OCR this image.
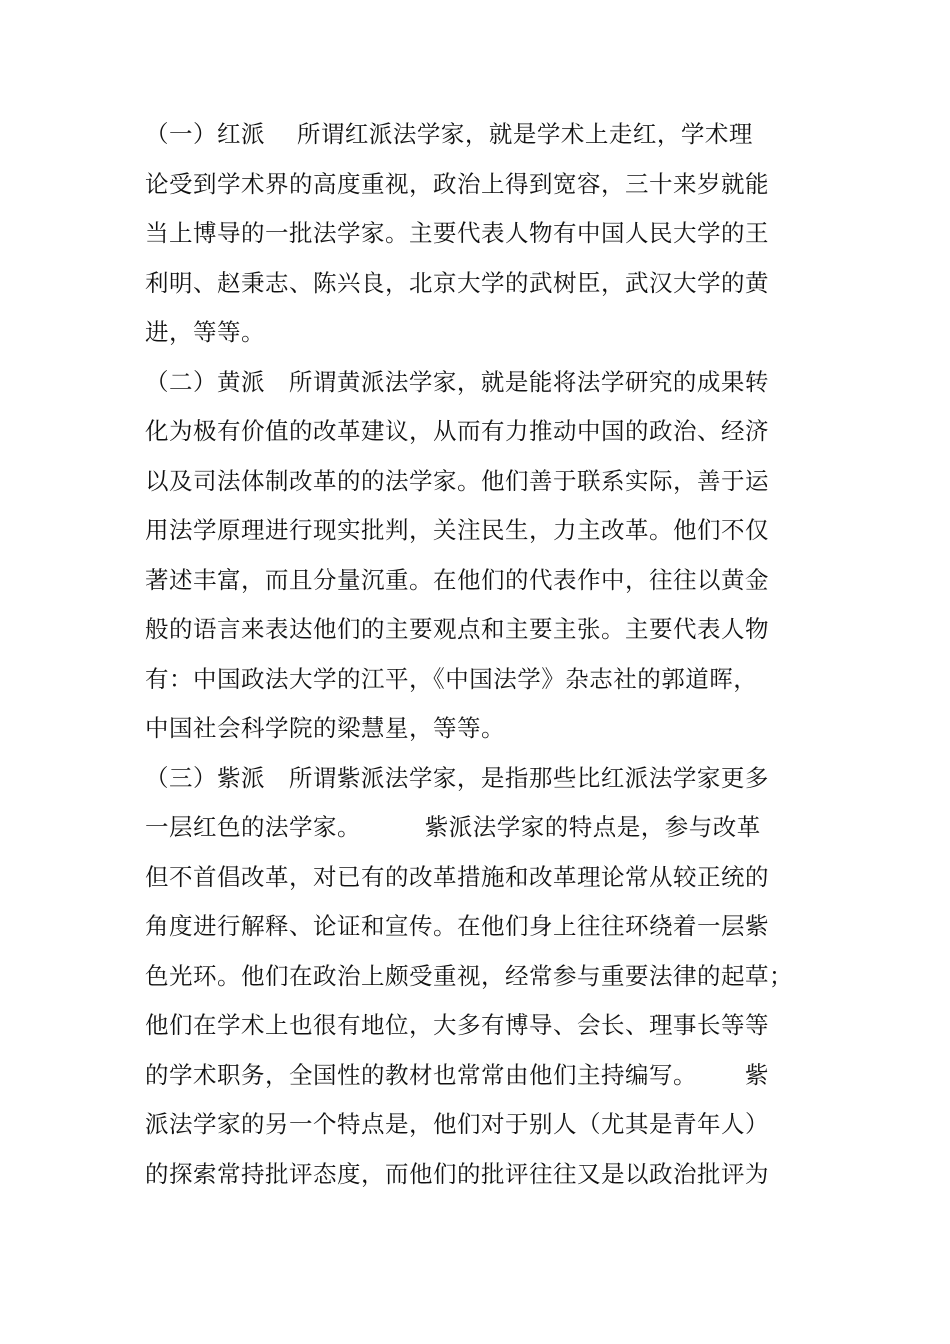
（一）红派    所谓红派法学家，就是学术上走红，学术理
论受到学术界的高度重视，政治上得到宽容，三十来岁就能
当上博导的一批法学家。主要代表人物有中国人民大学的王
利明、赵秉志、陈兴良，北京大学的武树臣，武汉大学的黄
进，等等。
（二）黄派   所谓黄派法学家，就是能将法学研究的成果转
化为极有价值的改革建议，从而有力推动中国的政治、经济
以及司法体制改革的的法学家。他们善于联系实际，善于运
用法学原理进行现实批判，关注民生，力主改革。他们不仅
著述丰富，而且分量沉重。在他们的代表作中，往往以黄金
般的语言来表达他们的主要观点和主要主张。主要代表人物
有：中国政法大学的江平，《中国法学》杂志社的郭道晖，
中国社会科学院的梁慧星，等等。
（三）紫派   所谓紫派法学家，是指那些比红派法学家更多
一层红色的法学家。        紫派法学家的特点是，参与改革
但不首倡改革，对已有的改革措施和改革理论常从较正统的
角度进行解释、论证和宣传。在他们身上往往环绕着一层紫
色光环。他们在政治上颇受重视，经常参与重要法律的起草；
他们在学术上也很有地位，大多有博导、会长、理事长等等
的学术职务，全国性的教材也常常由他们主持编写。      紫
派法学家的另一个特点是，他们对于别人（尤其是青年人）
的探索常持批评态度，而他们的批评往往又是以政治批评为
